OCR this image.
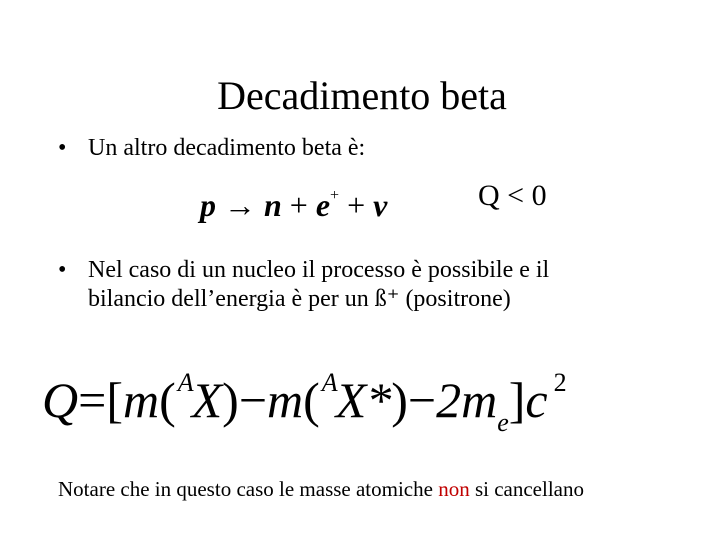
Decadimento beta
• Un altro decadimento beta è:
p → n + e+ + ν	Q < 0
• Nel caso di un nucleo il processo è possibile e il
bilancio dell’energia è per un ß⁺ (positrone)
$Q=[m(^AX)-m(^AX*)-2m_e]c$ $^2$
Notare che in questo caso le masse atomiche non si cancellano
